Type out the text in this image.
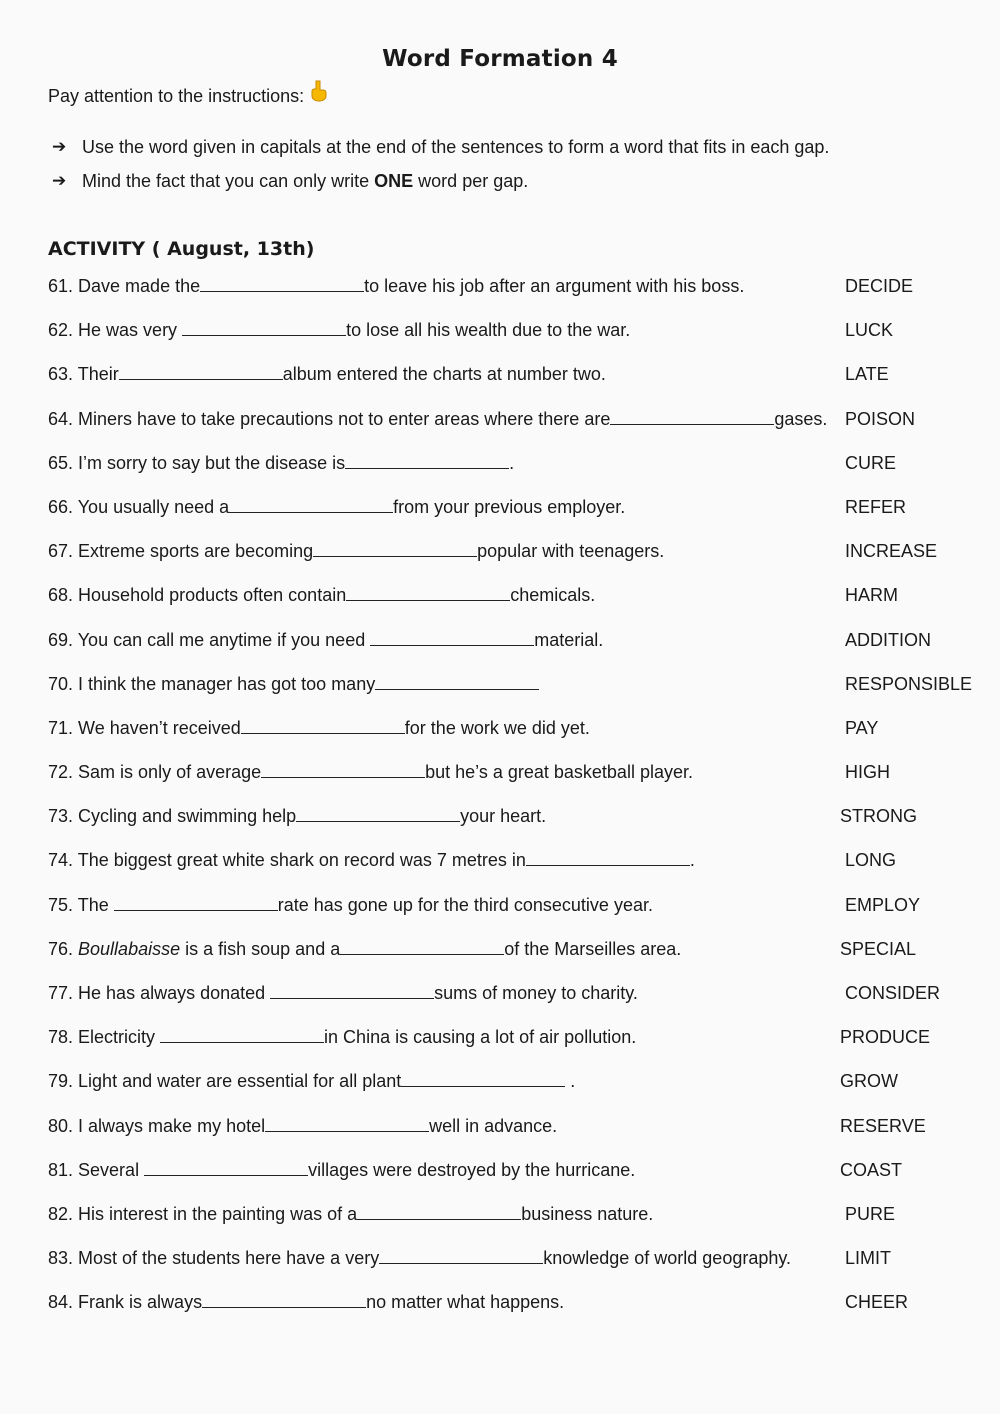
Word Formation 4
Pay attention to the instructions:
➔ Use the word given in capitals at the end of the sentences to form a word that fits in each gap.
➔ Mind the fact that you can only write ONE word per gap.
ACTIVITY ( August, 13th)
61. Dave made the	to leave his job after an argument with his boss.	DECIDE
62. He was very	to lose all his wealth due to the war.	LUCK
63. Their	album entered the charts at number two.	LATE
64. Miners have to take precautions not to enter areas where there are	gases. POISON
65. I’m sorry to say but the disease is	.	CURE
66. You usually need a	from your previous employer.	REFER
67. Extreme sports are becoming	popular with teenagers.	INCREASE
68. Household products often contain	chemicals.	HARM
69. You can call me anytime if you need	material.	ADDITION
70. I think the manager has got too many	RESPONSIBLE
71. We haven’t received	for the work we did yet.	PAY
72. Sam is only of average	but he’s a great basketball player.	HIGH
73. Cycling and swimming help	your heart.	STRONG
74. The biggest great white shark on record was 7 metres in	.	LONG
75. The	rate has gone up for the third consecutive year.	EMPLOY
76. Boullabaisse is a fish soup and a	of the Marseilles area.	SPECIAL
77. He has always donated	sums of money to charity.	CONSIDER
78. Electricity	in China is causing a lot of air pollution.	PRODUCE
79. Light and water are essential for all plant	.	GROW
80. I always make my hotel	well in advance.	RESERVE
81. Several	villages were destroyed by the hurricane.	COAST
82. His interest in the painting was of a	business nature.	PURE
83. Most of the students here have a very	knowledge of world geography.	LIMIT
84. Frank is always	no matter what happens.	CHEER
